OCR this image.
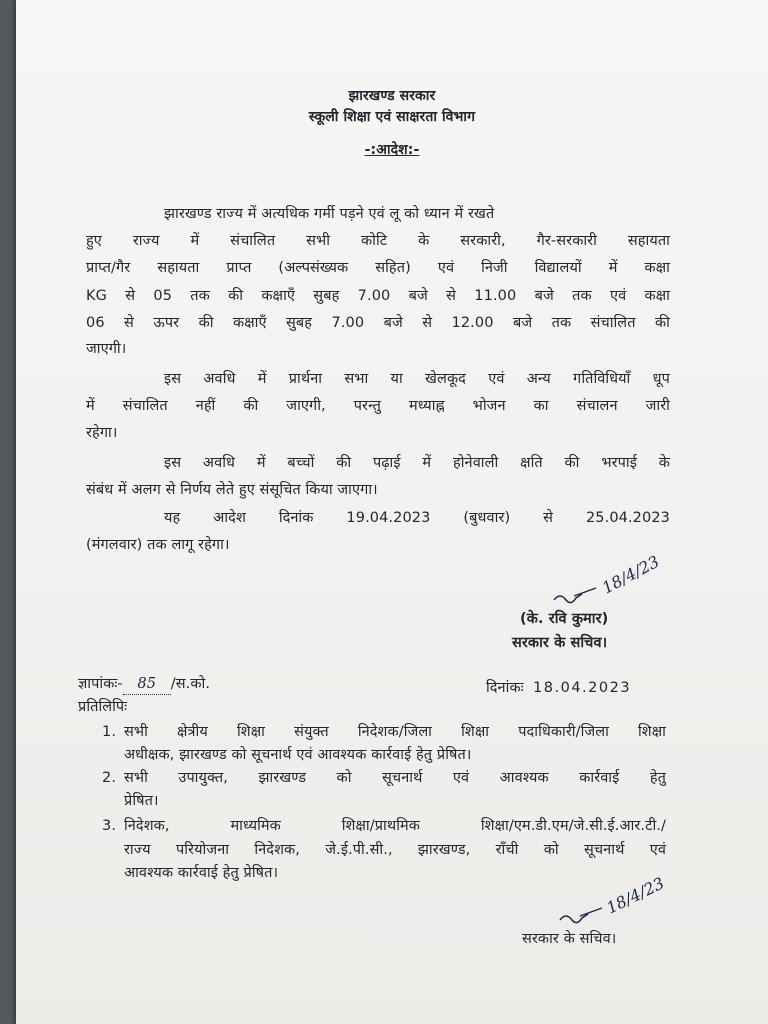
झारखण्ड सरकार
स्कूली शिक्षा एवं साक्षरता विभाग
-:आदेश:-
झारखण्ड राज्य में अत्यधिक गर्मी पड़ने एवं लू को ध्यान में रखते
हुए राज्य में संचालित सभी कोटि के सरकारी, गैर-सरकारी सहायता
प्राप्त/गैर सहायता प्राप्त (अल्पसंख्यक सहित) एवं निजी विद्यालयों में कक्षा
KG से 05 तक की कक्षाएँ सुबह 7.00 बजे से 11.00 बजे तक एवं कक्षा
06 से ऊपर की कक्षाएँ सुबह 7.00 बजे से 12.00 बजे तक संचालित की
जाएगी।
इस अवधि में प्रार्थना सभा या खेलकूद एवं अन्य गतिविधियाँ धूप
में संचालित नहीं की जाएगी, परन्तु मध्याह्न भोजन का संचालन जारी
रहेगा।
इस अवधि में बच्चों की पढ़ाई में होनेवाली क्षति की भरपाई के
संबंध में अलग से निर्णय लेते हुए संसूचित किया जाएगा।
यह आदेश दिनांक 19.04.2023 (बुधवार) से 25.04.2023
(मंगलवार) तक लागू रहेगा।
18/4/23
(के. रवि कुमार)
सरकार के सचिव।
ज्ञापांकः- 85 /स.को.	दिनांकः 18.04.2023
प्रतिलिपिः
1. सभी क्षेत्रीय शिक्षा संयुक्त निदेशक/जिला शिक्षा पदाधिकारी/जिला शिक्षा
अधीक्षक, झारखण्ड को सूचनार्थ एवं आवश्यक कार्रवाई हेतु प्रेषित।
2. सभी उपायुक्त, झारखण्ड को सूचनार्थ एवं आवश्यक कार्रवाई हेतु
प्रेषित।
3. निदेशक, माध्यमिक शिक्षा/प्राथमिक शिक्षा/एम.डी.एम/जे.सी.ई.आर.टी./
राज्य परियोजना निदेशक, जे.ई.पी.सी., झारखण्ड, राँची को सूचनार्थ एवं
आवश्यक कार्रवाई हेतु प्रेषित।
18/4/23
सरकार के सचिव।
